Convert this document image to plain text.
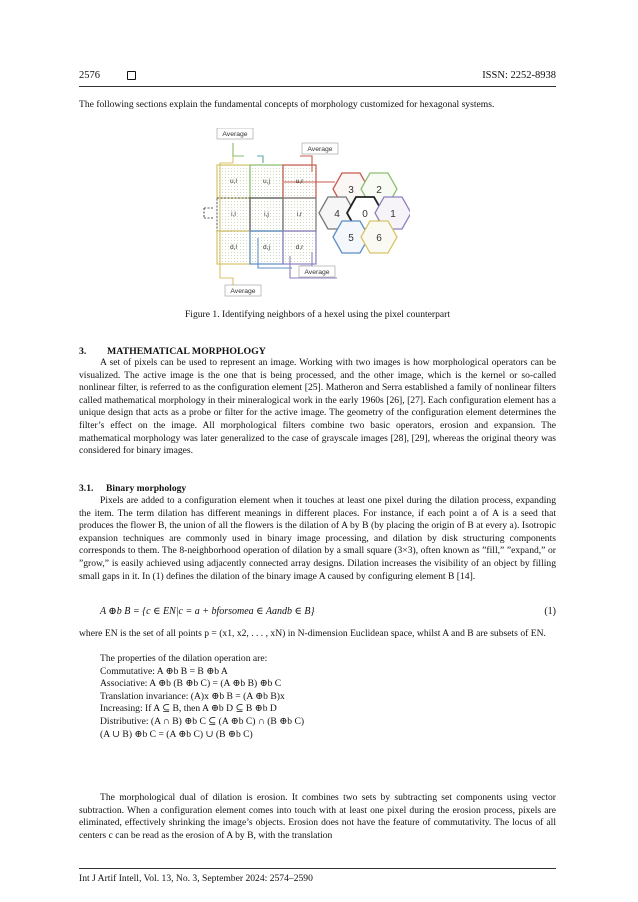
2576	ISSN: 2252-8938

The following sections explain the fundamental concepts of morphology customized for hexagonal systems.

u,l	u,j	u,r
i,l	i,j	i,r
d,l	d,j	d,r
3 2
4 0 1
5 6
Average
Average
Average
Average
Figure 1. Identifying neighbors of a hexel using the pixel counterpart
3. MATHEMATICAL MORPHOLOGY

A set of pixels can be used to represent an image. Working with two images is how morphological operators can be visualized. The active image is the one that is being processed, and the other image, which is the kernel or so-called nonlinear filter, is referred to as the configuration element [25]. Matheron and Serra established a family of nonlinear filters called mathematical morphology in their mineralogical work in the early 1960s [26], [27]. Each configuration element has a unique design that acts as a probe or filter for the active image. The geometry of the configuration element determines the filter’s effect on the image. All morphological filters combine two basic operators, erosion and expansion. The mathematical morphology was later generalized to the case of grayscale images [28], [29], whereas the original theory was considered for binary images.

3.1. Binary morphology

Pixels are added to a configuration element when it touches at least one pixel during the dilation process, expanding the item. The term dilation has different meanings in different places. For instance, if each point a of A is a seed that produces the flower B, the union of all the flowers is the dilation of A by B (by placing the origin of B at every a). Isotropic expansion techniques are commonly used in binary image processing, and dilation by disk structuring components corresponds to them. The 8-neighborhood operation of dilation by a small square (3×3), often known as ”fill,” ”expand,” or ”grow,” is easily achieved using adjacently connected array designs. Dilation increases the visibility of an object by filling small gaps in it. In (1) defines the dilation of the binary image A caused by configuring element B [14].

A ⊕b B = {c ∈ EN|c = a + bforsomea ∈ Aandb ∈ B}	(1)

where EN is the set of all points p = (x1, x2, . . . , xN) in N-dimension Euclidean space, whilst A and B are subsets of EN.

The properties of the dilation operation are:
Commutative: A ⊕b B = B ⊕b A
Associative: A ⊕b (B ⊕b C) = (A ⊕b B) ⊕b C
Translation invariance: (A)x ⊕b B = (A ⊕b B)x
Increasing: If A ⊆ B, then A ⊕b D ⊆ B ⊕b D
Distributive: (A ∩ B) ⊕b C ⊆ (A ⊕b C) ∩ (B ⊕b C)
(A ∪ B) ⊕b C = (A ⊕b C) ∪ (B ⊕b C)

The morphological dual of dilation is erosion. It combines two sets by subtracting set components using vector subtraction. When a configuration element comes into touch with at least one pixel during the erosion process, pixels are eliminated, effectively shrinking the image’s objects. Erosion does not have the feature of commutativity. The locus of all centers c can be read as the erosion of A by B, with the translation

Int J Artif Intell, Vol. 13, No. 3, September 2024: 2574–2590
